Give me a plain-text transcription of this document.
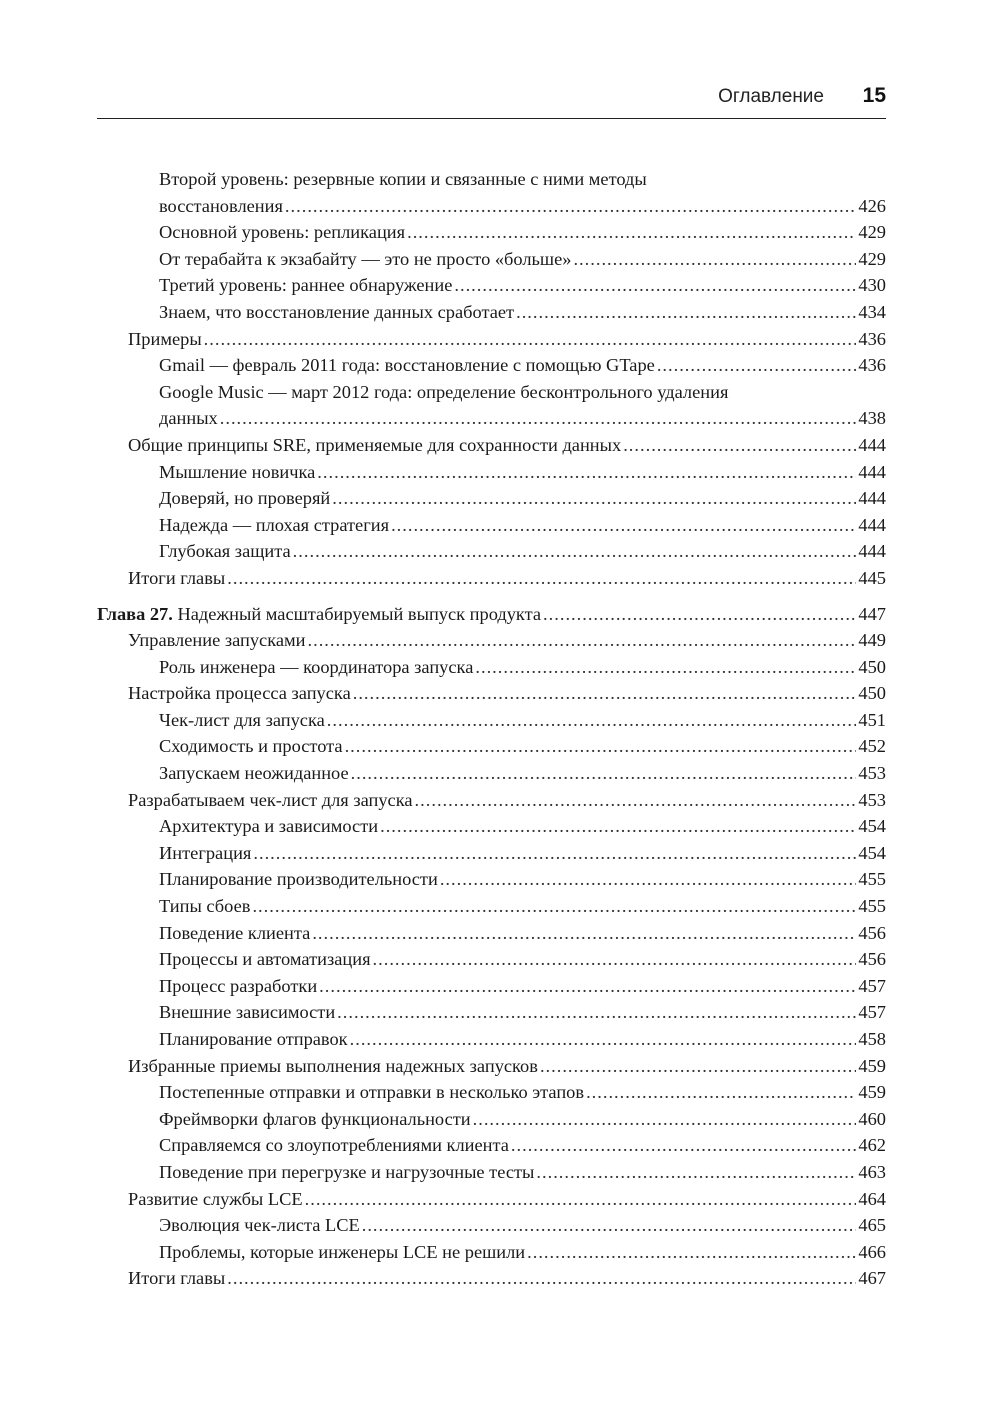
Оглавление 15
Второй уровень: резервные копии и связанные с ними методы
восстановления .....	426
Основной уровень: репликация .....	429
От терабайта к экзабайту — это не просто «больше» .....	429
Третий уровень: раннее обнаружение .....	430
Знаем, что восстановление данных сработает .....	434
Примеры .....	436
Gmail — февраль 2011 года: восстановление с помощью GTape .....	436
Google Music — март 2012 года: определение бесконтрольного удаления
данных .....	438
Общие принципы SRE, применяемые для сохранности данных .....	444
Мышление новичка .....	444
Доверяй, но проверяй .....	444
Надежда — плохая стратегия .....	444
Глубокая защита .....	444
Итоги главы .....	445
Глава 27. Надежный масштабируемый выпуск продукта .....	447
Управление запусками .....	449
Роль инженера — координатора запуска .....	450
Настройка процесса запуска .....	450
Чек-лист для запуска .....	451
Сходимость и простота .....	452
Запускаем неожиданное .....	453
Разрабатываем чек-лист для запуска .....	453
Архитектура и зависимости .....	454
Интеграция .....	454
Планирование производительности .....	455
Типы сбоев .....	455
Поведение клиента .....	456
Процессы и автоматизация .....	456
Процесс разработки .....	457
Внешние зависимости .....	457
Планирование отправок .....	458
Избранные приемы выполнения надежных запусков .....	459
Постепенные отправки и отправки в несколько этапов .....	459
Фреймворки флагов функциональности .....	460
Справляемся со злоупотреблениями клиента .....	462
Поведение при перегрузке и нагрузочные тесты .....	463
Развитие службы LCE .....	464
Эволюция чек-листа LCE .....	465
Проблемы, которые инженеры LCE не решили .....	466
Итоги главы .....	467
